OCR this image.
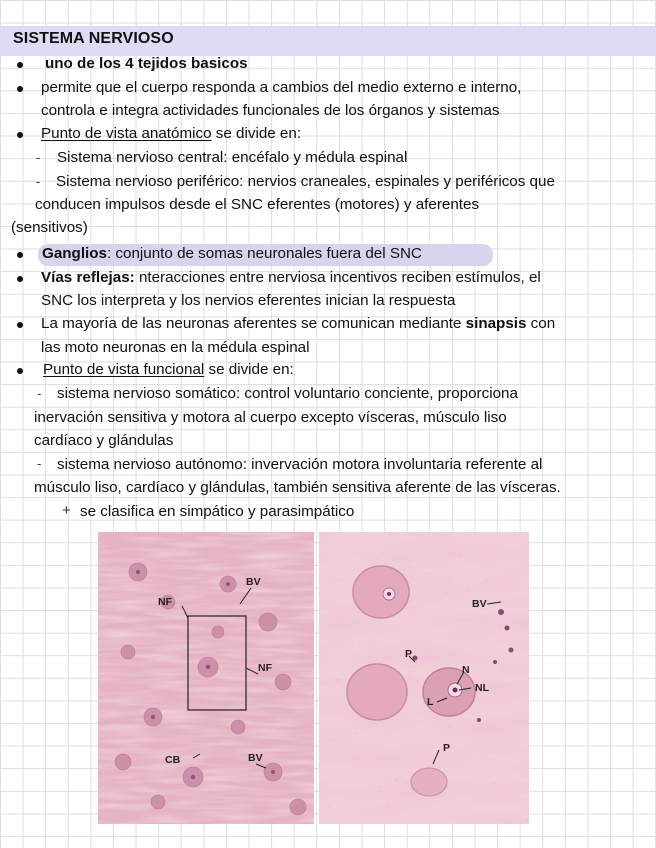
SISTEMA NERVIOSO
uno de los 4 tejidos basicos
permite que el cuerpo responda a cambios del medio externo e interno,
controla e integra actividades funcionales de los órganos y sistemas
Punto de vista anatómico se divide en:
- Sistema nervioso central: encéfalo y médula espinal
- Sistema nervioso periférico: nervios craneales, espinales y periféricos que
conducen impulsos desde el SNC eferentes (motores) y aferentes
(sensitivos)
Ganglios: conjunto de somas neuronales fuera del SNC
Vías reflejas: nteracciones entre nerviosa incentivos reciben estímulos, el
SNC los interpreta y los nervios eferentes inician la respuesta
La mayoría de las neuronas aferentes se comunican mediante sinapsis con
las moto neuronas en la médula espinal
Punto de vista funcional se divide en:
- sistema nervioso somático: control voluntario conciente, proporciona
inervación sensitiva y motora al cuerpo excepto vísceras, músculo liso
cardíaco y glándulas
- sistema nervioso autónomo: invervación motora involuntaria referente al
músculo liso, cardíaco y glándulas, también sensitiva aferente de las vísceras.
+ se clasifica en simpático y parasimpático
BV
NF
NF
CB	BV
BV
P
N
NL
L
P
